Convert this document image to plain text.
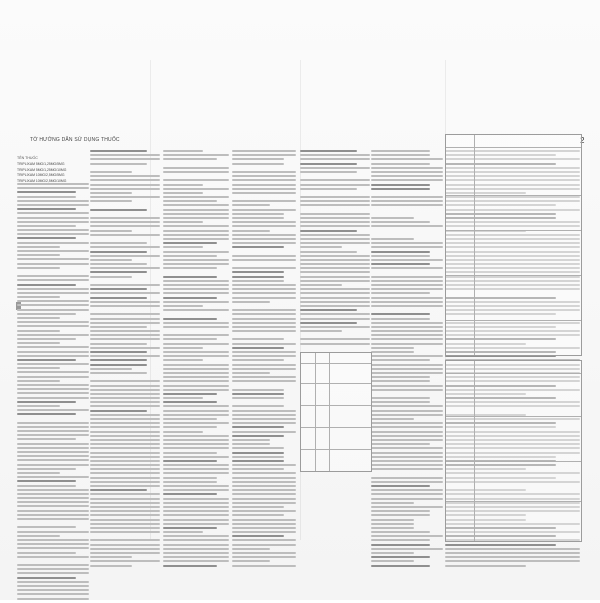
TỜ HƯỚNG DẪN SỬ DỤNG THUỐC	2
TÊN THUỐC
TRIPLIXAM 5MG/1,25MG/5MG
TRIPLIXAM 5MG/1,25MG/10MG
TRIPLIXAM 10MG/2,5MG/5MG
TRIPLIXAM 10MG/2,5MG/10MG
